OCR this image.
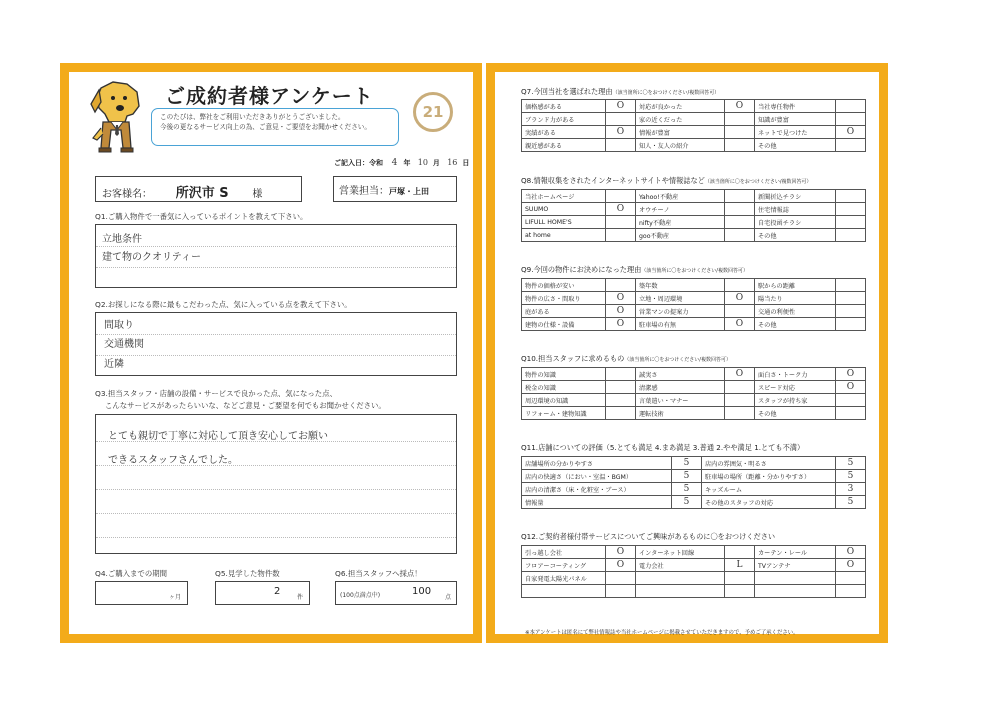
ご成約者様アンケート
このたびは、弊社をご利用いただきありがとうございました。
今後の更なるサービス向上の為、ご意見・ご要望をお聞かせください。
21
ご記入日：令和 4 年 10 月 16 日
お客様名： 所沢市 S 様	営業担当：戸塚・上田
Q1.ご購入物件で一番気に入っているポイントを教えて下さい。
立地条件
建て物のクオリティー
Q2.お探しになる際に最もこだわった点、気に入っている点を教えて下さい。
間取り
交通機関
近隣
Q3.担当スタッフ・店舗の設備・サービスで良かった点、気になった点、
こんなサービスがあったらいいな、などご意見・ご要望を何でもお聞かせください。
とても親切で丁寧に対応して頂き安心してお願い
できるスタッフさんでした。
Q4.ご購入までの期間
ヶ月
Q5.見学した物件数
2
件
Q6.担当スタッフへ採点！
(100点満点中)	100
点
Q7.今回当社を選ばれた理由（該当箇所に〇をおつけください/複数回答可）
価格感がある	O	対応が良かった	O	当社専任物件	
ブランド力がある		家の近くだった		知識が豊富	
実績がある	O	情報が豊富		ネットで見つけた	O
親近感がある		知人・友人の紹介		その他	
Q8.情報収集をされたインターネットサイトや情報誌など（該当箇所に〇をおつけください/複数回答可）
当社ホームページ		Yahoo!不動産		新聞折込チラシ	
SUUMO	O	オウチーノ		住宅情報誌	
LIFULL HOME'S		nifty不動産		自宅投函チラシ	
at home		goo不動産		その他	
Q9.今回の物件にお決めになった理由（該当箇所に〇をおつけください/複数回答可）
物件の価格が安い		築年数		駅からの距離	
物件の広さ・間取り	O	立地・周辺環境	O	陽当たり	
庭がある	O	営業マンの提案力		交通の利便性	
建物の仕様・設備	O	駐車場の有無	O	その他	
Q10.担当スタッフに求めるもの（該当箇所に〇をおつけください/複数回答可）
物件の知識		誠実さ	O	面白さ・トーク力	O
税金の知識		清潔感		スピード対応	O
周辺環境の知識		言葉遣い・マナー		スタッフが持ち家	
リフォーム・建物知識		運転技術		その他	
Q11.店舗についての評価（5.とても満足 4.まあ満足 3.普通 2.やや満足 1.とても不満）
店舗場所の分かりやすさ	5	店内の雰囲気・明るさ	5
店内の快適さ（におい・室温・BGM）	5	駐車場の場所（距離・分かりやすさ）	5
店内の清潔さ（床・化粧室・ブース）	5	キッズルーム	3
情報量	5	その他のスタッフの対応	5
Q12.ご契約者様付帯サービスについてご興味があるものに〇をおつけください
引っ越し会社	O	インターネット回線		カーテン・レール	O
フロアーコーティング	O	電力会社	L	TVアンテナ	O
自家発電太陽光パネル					

※本アンケートは匿名にて弊社情報誌や当社ホームページに掲載させていただきますので、予めご了承ください。
